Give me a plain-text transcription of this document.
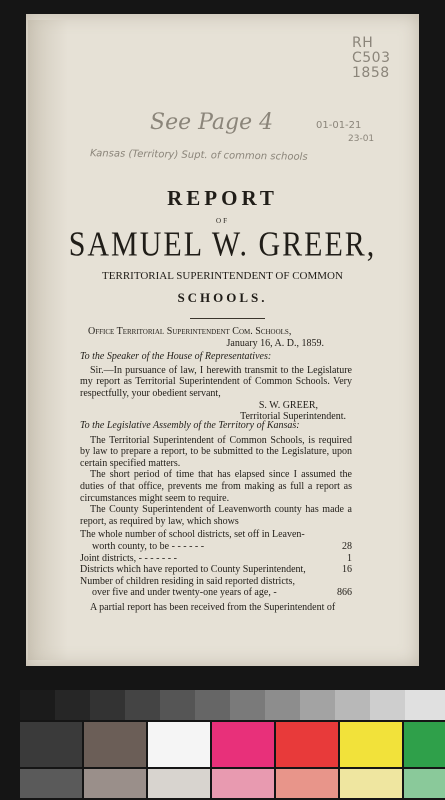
RH
C503
1858
See Page 4	01-01-21
23-01
Kansas (Territory) Supt. of common schools
REPORT
OF
SAMUEL W. GREER,
TERRITORIAL SUPERINTENDENT OF COMMON
SCHOOLS.
Office Territorial Superintendent Com. Schools,
January 16, A. D., 1859.
To the Speaker of the House of Representatives:
Sir.—In pursuance of law, I herewith transmit to the Legislature my report as Territorial Superintendent of Common Schools. Very respectfully, your obedient servant,
S. W. GREER,
Territorial Superintendent.
To the Legislative Assembly of the Territory of Kansas:
The Territorial Superintendent of Common Schools, is required by law to prepare a report, to be submitted to the Legislature, upon certain specified matters.
The short period of time that has elapsed since I assumed the duties of that office, prevents me from making as full a report as circumstances might seem to require.
The County Superintendent of Leavenworth county has made a report, as required by law, which shows
The whole number of school districts, set off in Leaven-
worth county, to be - - - - - -	28
Joint districts, - - - - - - -	1
Districts which have reported to County Superintendent,	16
Number of children residing in said reported districts,
over five and under twenty-one years of age, -	866
A partial report has been received from the Superintendent of
